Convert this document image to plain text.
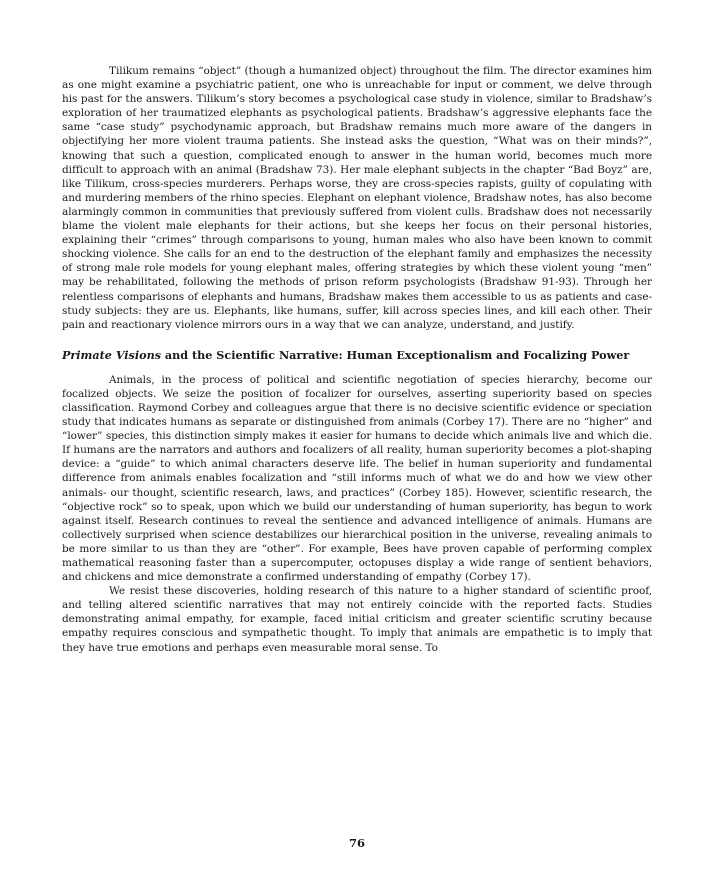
Tilikum remains “object” (though a humanized object) throughout the film. The director examines him as one might examine a psychiatric patient, one who is unreachable for input or comment, we delve through his past for the answers. Tilikum’s story becomes a psychological case study in violence, similar to Bradshaw’s exploration of her traumatized elephants as psychological patients. Bradshaw’s aggressive elephants face the same “case study” psychodynamic approach, but Bradshaw remains much more aware of the dangers in objectifying her more violent trauma patients. She instead asks the question, “What was on their minds?”, knowing that such a question, complicated enough to answer in the human world, becomes much more difficult to approach with an animal (Bradshaw 73). Her male elephant subjects in the chapter “Bad Boyz” are, like Tilikum, cross-species murderers. Perhaps worse, they are cross-species rapists, guilty of copulating with and murdering members of the rhino species. Elephant on elephant violence, Bradshaw notes, has also become alarmingly common in communities that previously suffered from violent culls. Bradshaw does not necessarily blame the violent male elephants for their actions, but she keeps her focus on their personal histories, explaining their “crimes” through comparisons to young, human males who also have been known to commit shocking violence. She calls for an end to the destruction of the elephant family and emphasizes the necessity of strong male role models for young elephant males, offering strategies by which these violent young “men” may be rehabilitated, following the methods of prison reform psychologists (Bradshaw 91-93). Through her relentless comparisons of elephants and humans, Bradshaw makes them accessible to us as patients and case-study subjects: they are us. Elephants, like humans, suffer, kill across species lines, and kill each other. Their pain and reactionary violence mirrors ours in a way that we can analyze, understand, and justify.

Primate Visions and the Scientific Narrative: Human Exceptionalism and Focalizing Power

Animals, in the process of political and scientific negotiation of species hierarchy, become our focalized objects. We seize the position of focalizer for ourselves, asserting superiority based on species classification. Raymond Corbey and colleagues argue that there is no decisive scientific evidence or speciation study that indicates humans as separate or distinguished from animals (Corbey 17). There are no “higher” and “lower” species, this distinction simply makes it easier for humans to decide which animals live and which die. If humans are the narrators and authors and focalizers of all reality, human superiority becomes a plot-shaping device: a “guide” to which animal characters deserve life. The belief in human superiority and fundamental difference from animals enables focalization and “still informs much of what we do and how we view other animals- our thought, scientific research, laws, and practices” (Corbey 185). However, scientific research, the “objective rock” so to speak, upon which we build our understanding of human superiority, has begun to work against itself. Research continues to reveal the sentience and advanced intelligence of animals. Humans are collectively surprised when science destabilizes our hierarchical position in the universe, revealing animals to be more similar to us than they are “other”. For example, Bees have proven capable of performing complex mathematical reasoning faster than a supercomputer, octopuses display a wide range of sentient behaviors, and chickens and mice demonstrate a confirmed understanding of empathy (Corbey 17).

We resist these discoveries, holding research of this nature to a higher standard of scientific proof, and telling altered scientific narratives that may not entirely coincide with the reported facts. Studies demonstrating animal empathy, for example, faced initial criticism and greater scientific scrutiny because empathy requires conscious and sympathetic thought. To imply that animals are empathetic is to imply that they have true emotions and perhaps even measurable moral sense. To

76
